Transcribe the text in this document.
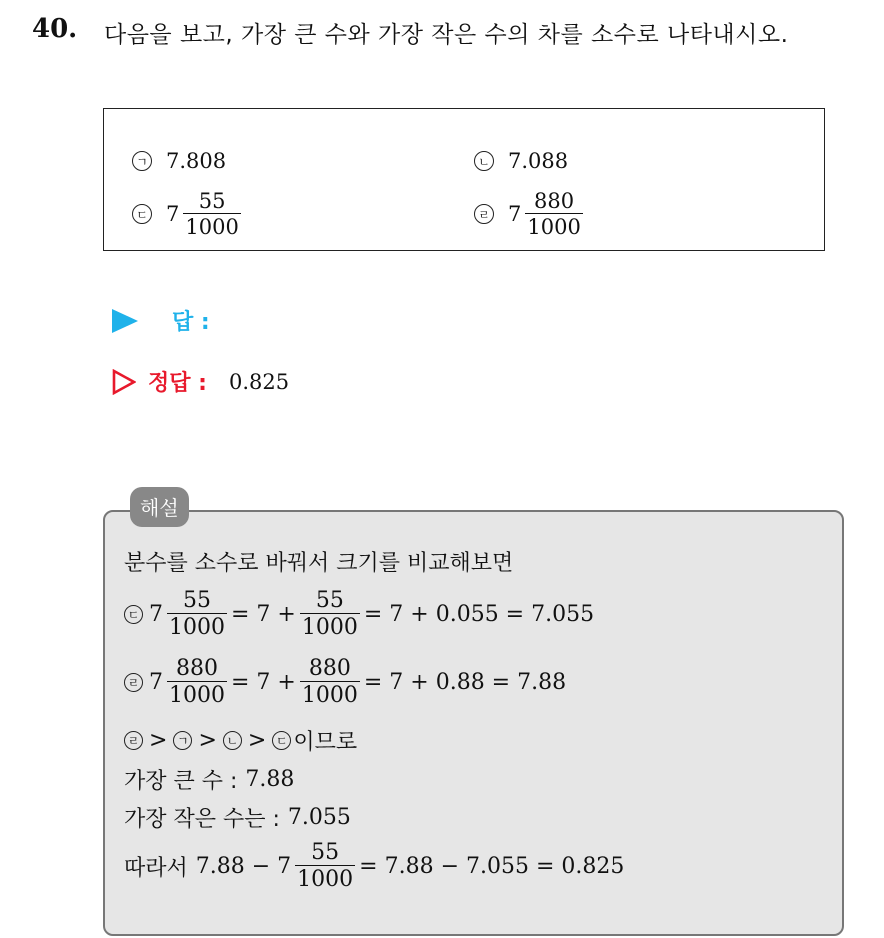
40. 다음을 보고, 가장 큰 수와 가장 작은 수의 차를 소수로 나타내시오.
ㄱ 7.808	ㄴ 7.088
ㄷ $7 \frac{55}{1000}$	ㄹ $7 \frac{880}{1000}$
답 :
정답 : 0.825
해설
분수를 소수로 바꿔서 크기를 비교해보면
ㄷ $7 \frac{55}{1000} = 7 + \frac{55}{1000} = 7 + 0.055 = 7.055$
ㄹ $7 \frac{880}{1000} = 7 + \frac{880}{1000} = 7 + 0.88 = 7.88$
ㄹ > ㄱ > ㄴ > ㄷ 이므로
가장 큰 수 : 7.88
가장 작은 수는 : 7.055
따라서 $7.88 - 7 \frac{55}{1000} = 7.88 - 7.055 = 0.825$
